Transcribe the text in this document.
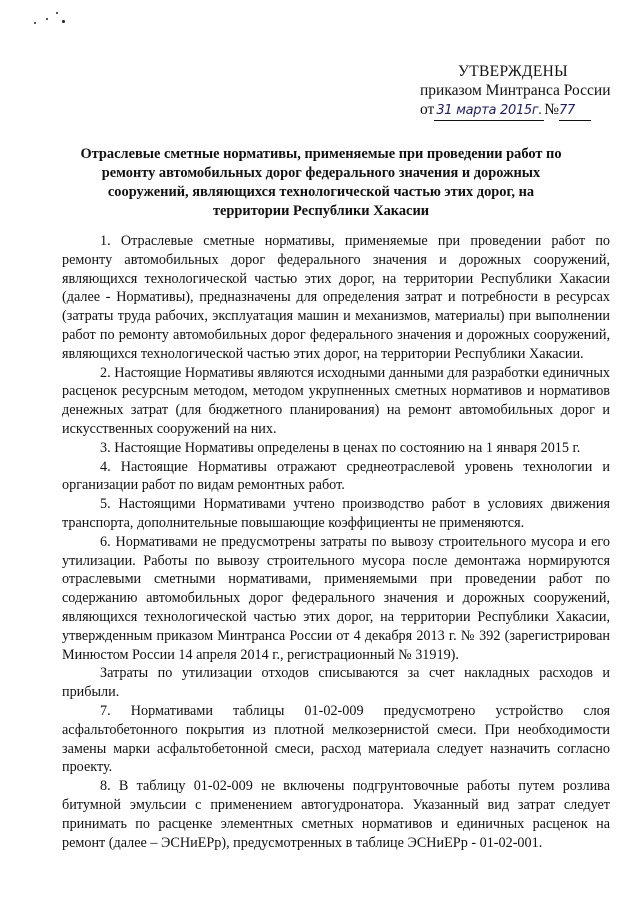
УТВЕРЖДЕНЫ
приказом Минтранса России
от 31 марта 2015г. №77
Отраслевые сметные нормативы, применяемые при проведении работ по ремонту автомобильных дорог федерального значения и дорожных сооружений, являющихся технологической частью этих дорог, на территории Республики Хакасии

1. Отраслевые сметные нормативы, применяемые при проведении работ по ремонту автомобильных дорог федерального значения и дорожных сооружений, являющихся технологической частью этих дорог, на территории Республики Хакасии (далее - Нормативы), предназначены для определения затрат и потребности в ресурсах (затраты труда рабочих, эксплуатация машин и механизмов, материалы) при выполнении работ по ремонту автомобильных дорог федерального значения и дорожных сооружений, являющихся технологической частью этих дорог, на территории Республики Хакасии.

2. Настоящие Нормативы являются исходными данными для разработки единичных расценок ресурсным методом, методом укрупненных сметных нормативов и нормативов денежных затрат (для бюджетного планирования) на ремонт автомобильных дорог и искусственных сооружений на них.

3. Настоящие Нормативы определены в ценах по состоянию на 1 января 2015 г.

4. Настоящие Нормативы отражают среднеотраслевой уровень технологии и организации работ по видам ремонтных работ.

5. Настоящими Нормативами учтено производство работ в условиях движения транспорта, дополнительные повышающие коэффициенты не применяются.

6. Нормативами не предусмотрены затраты по вывозу строительного мусора и его утилизации. Работы по вывозу строительного мусора после демонтажа нормируются отраслевыми сметными нормативами, применяемыми при проведении работ по содержанию автомобильных дорог федерального значения и дорожных сооружений, являющихся технологической частью этих дорог, на территории Республики Хакасии, утвержденным приказом Минтранса России от 4 декабря 2013 г. № 392 (зарегистрирован Минюстом России 14 апреля 2014 г., регистрационный № 31919).

Затраты по утилизации отходов списываются за счет накладных расходов и прибыли.

7. Нормативами таблицы 01-02-009 предусмотрено устройство слоя асфальтобетонного покрытия из плотной мелкозернистой смеси. При необходимости замены марки асфальтобетонной смеси, расход материала следует назначить согласно проекту.

8. В таблицу 01-02-009 не включены подгрунтовочные работы путем розлива битумной эмульсии с применением автогудронатора. Указанный вид затрат следует принимать по расценке элементных сметных нормативов и единичных расценок на ремонт (далее – ЭСНиЕРр), предусмотренных в таблице ЭСНиЕРр - 01-02-001.
